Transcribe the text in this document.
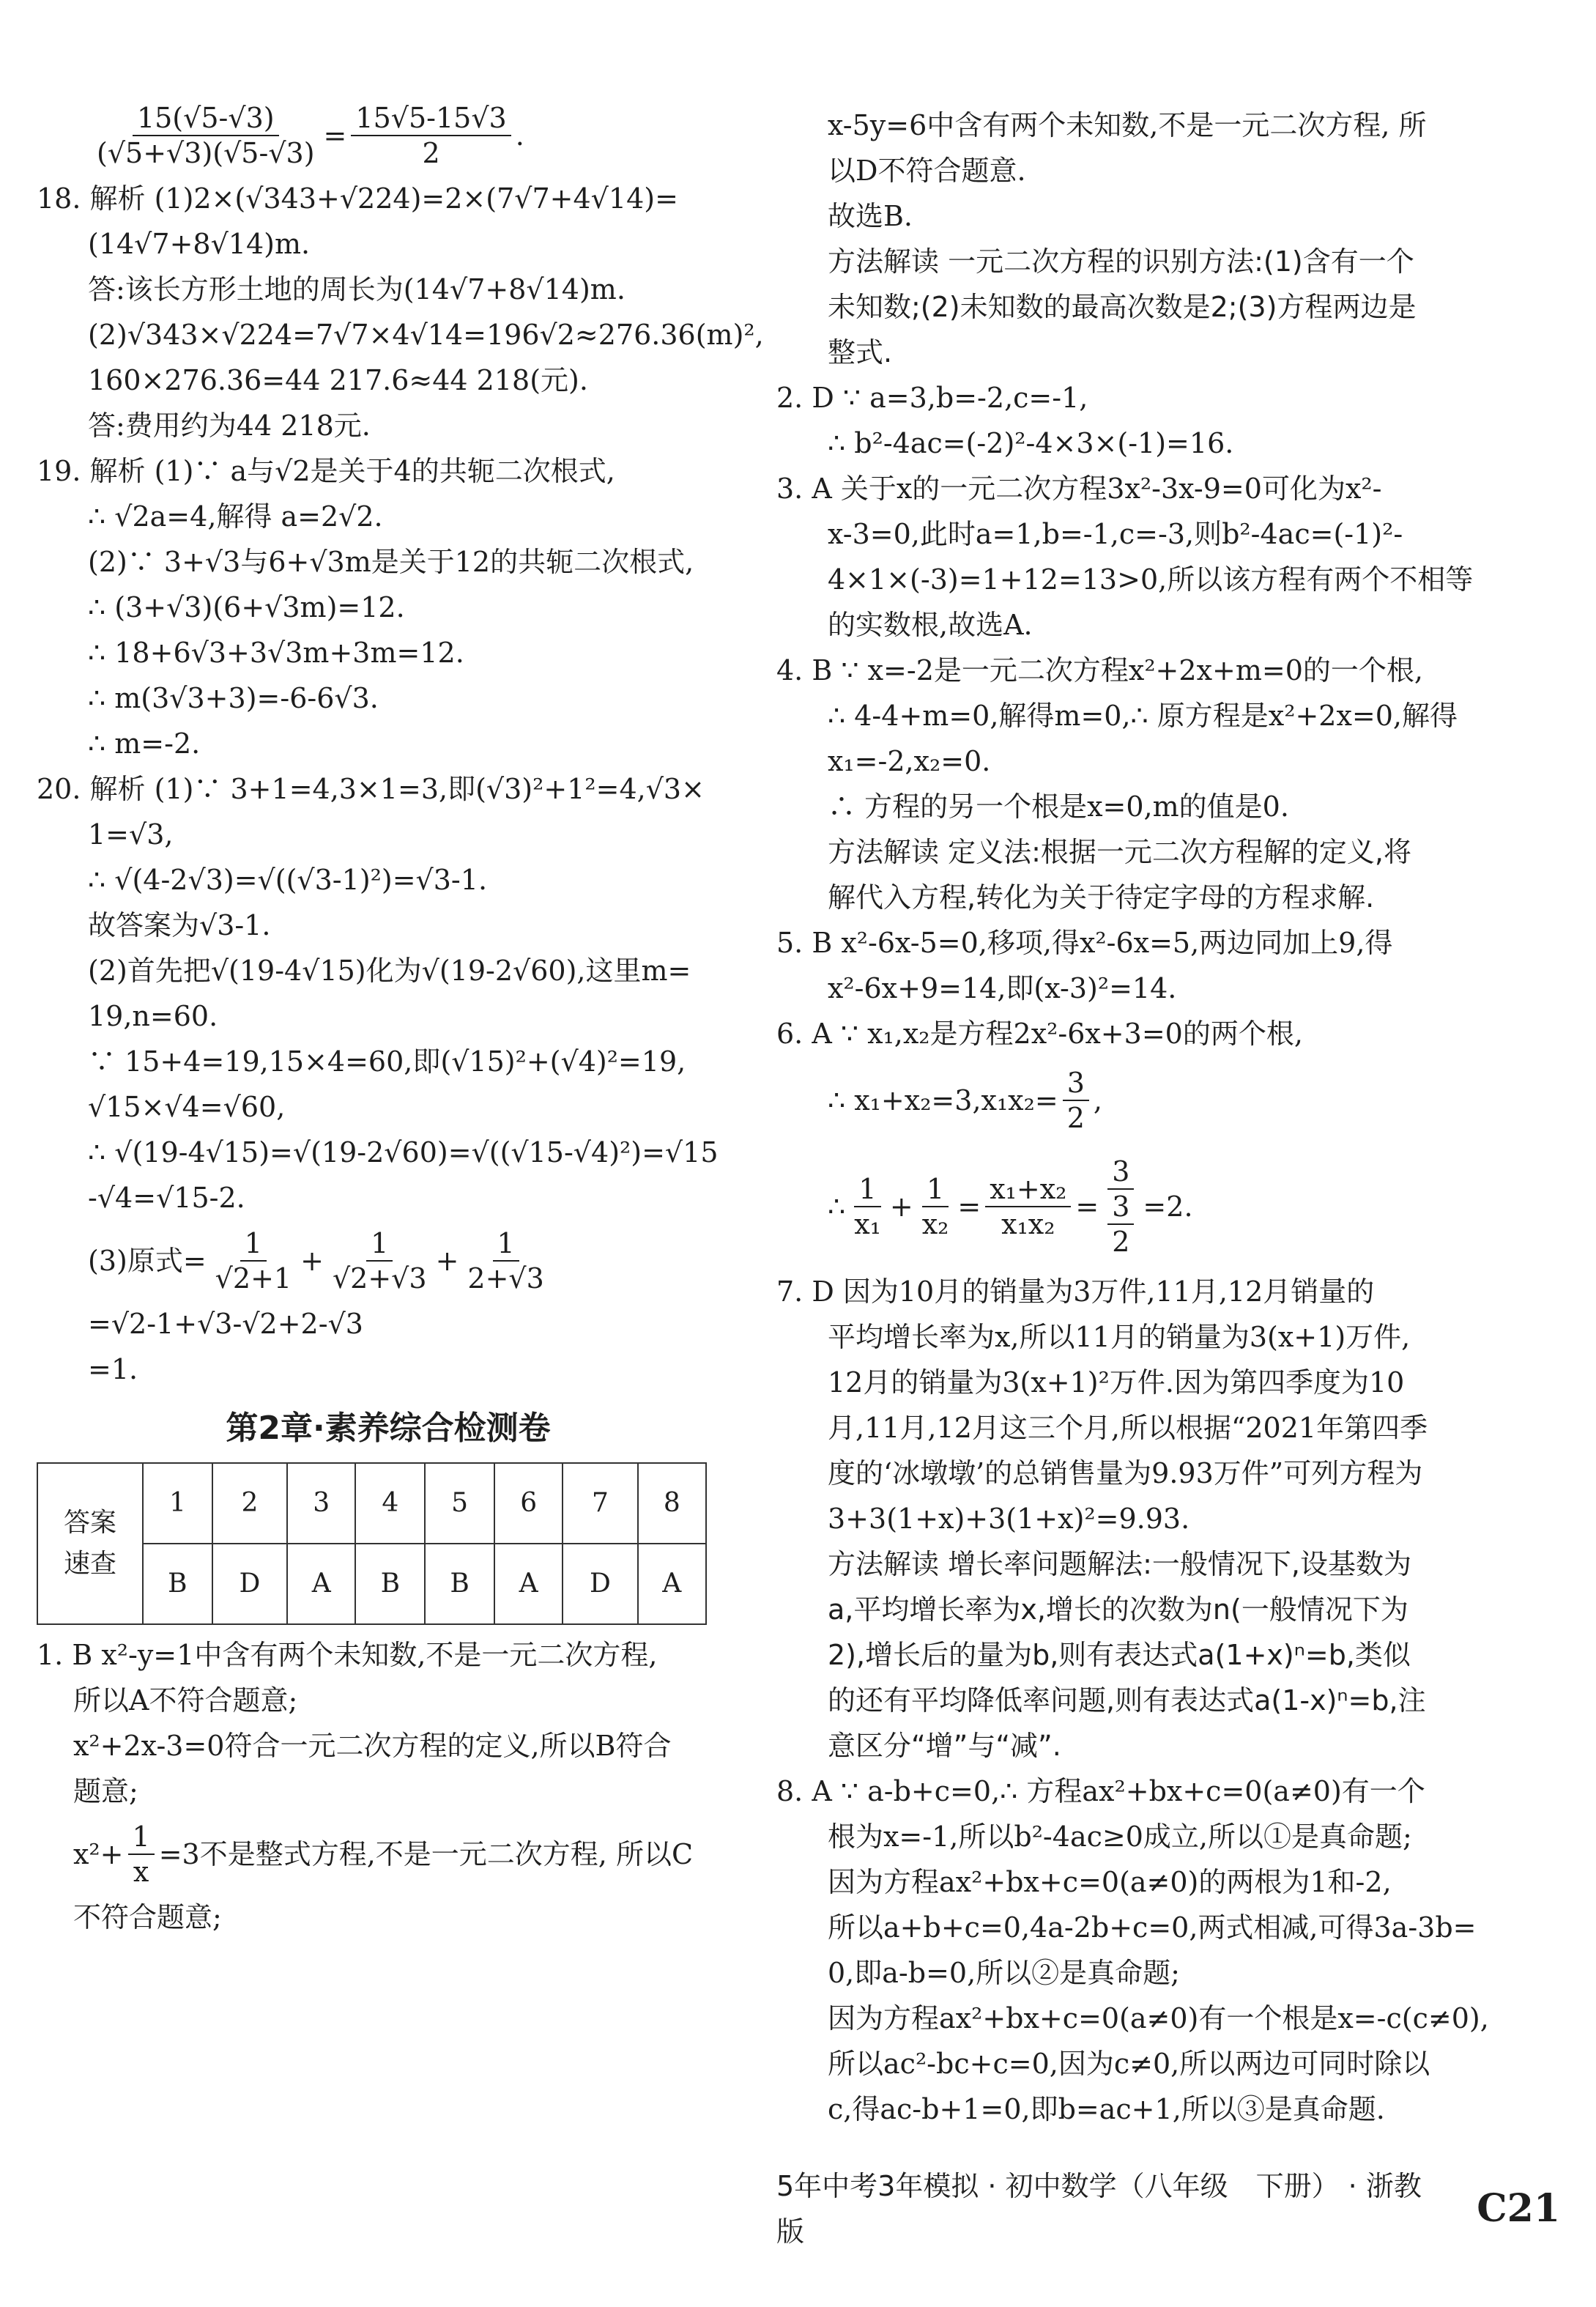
$\frac{15(√5-√3)}{(√5+√3)(√5-√3)} = \frac{15√5-15√3}{2}$ .
18. 解析 (1)2×(√343+√224)=2×(7√7+4√14)=
(14√7+8√14)m.
答:该长方形土地的周长为(14√7+8√14)m.
(2)√343×√224=7√7×4√14=196√2≈276.36(m)²,
160×276.36=44 217.6≈44 218(元).
答:费用约为44 218元.
19. 解析 (1)∵ a与√2是关于4的共轭二次根式,
∴ √2a=4,解得 a=2√2.
(2)∵ 3+√3与6+√3m是关于12的共轭二次根式,
∴ (3+√3)(6+√3m)=12.
∴ 18+6√3+3√3m+3m=12.
∴ m(3√3+3)=-6-6√3.
∴ m=-2.
20. 解析 (1)∵ 3+1=4,3×1=3,即(√3)²+1²=4,√3×
1=√3,
∴ √(4-2√3)=√((√3-1)²)=√3-1.
故答案为√3-1.
(2)首先把√(19-4√15)化为√(19-2√60),这里m=
19,n=60.
∵ 15+4=19,15×4=60,即(√15)²+(√4)²=19,
√15×√4=√60,
∴ √(19-4√15)=√(19-2√60)=√((√15-√4)²)=√15
-√4=√15-2.
(3)原式= $\frac{1}{√2+1} + \frac{1}{√2+√3} + \frac{1}{2+√3}$
=√2-1+√3-√2+2-√3
=1.
第2章·素养综合检测卷
答案
速查	1	2	3	4	5	6	7	8
	B	D	A	B	B	A	D	A
1. B x²-y=1中含有两个未知数,不是一元二次方程,
所以A不符合题意;
x²+2x-3=0符合一元二次方程的定义,所以B符合
题意;
$x^2+ \frac{1}{x} =3$不是整式方程,不是一元二次方程, 所以C
不符合题意;
x-5y=6中含有两个未知数,不是一元二次方程, 所
以D不符合题意.
故选B.
方法解读 一元二次方程的识别方法:(1)含有一个
未知数;(2)未知数的最高次数是2;(3)方程两边是
整式.
2. D ∵ a=3,b=-2,c=-1,
∴ b²-4ac=(-2)²-4×3×(-1)=16.
3. A 关于x的一元二次方程3x²-3x-9=0可化为x²-
x-3=0,此时a=1,b=-1,c=-3,则b²-4ac=(-1)²-
4×1×(-3)=1+12=13>0,所以该方程有两个不相等
的实数根,故选A.
4. B ∵ x=-2是一元二次方程x²+2x+m=0的一个根,
∴ 4-4+m=0,解得m=0,∴ 原方程是x²+2x=0,解得
x₁=-2,x₂=0.
∴ 方程的另一个根是x=0,m的值是0.
方法解读 定义法:根据一元二次方程解的定义,将
解代入方程,转化为关于待定字母的方程求解.
5. B x²-6x-5=0,移项,得x²-6x=5,两边同加上9,得
x²-6x+9=14,即(x-3)²=14.
6. A ∵ x₁,x₂是方程2x²-6x+3=0的两个根,
∴ $x_1+x_2=3,x_1x_2= \frac{3}{2}$ ,
∴ $\frac{1}{\text{x₁}} + \frac{1}{\text{x₂}} = \frac{\text{x₁+x₂}}{\text{x₁x₂}} = \frac{3}{\frac{3}{2}} =2$.
7. D 因为10月的销量为3万件,11月,12月销量的
平均增长率为x,所以11月的销量为3(x+1)万件,
12月的销量为3(x+1)²万件.因为第四季度为10
月,11月,12月这三个月,所以根据“2021年第四季
度的‘冰墩墩’的总销售量为9.93万件”可列方程为
3+3(1+x)+3(1+x)²=9.93.
方法解读 增长率问题解法:一般情况下,设基数为
a,平均增长率为x,增长的次数为n(一般情况下为
2),增长后的量为b,则有表达式a(1+x)ⁿ=b,类似
的还有平均降低率问题,则有表达式a(1-x)ⁿ=b,注
意区分“增”与“减”.
8. A ∵ a-b+c=0,∴ 方程ax²+bx+c=0(a≠0)有一个
根为x=-1,所以b²-4ac≥0成立,所以①是真命题;
因为方程ax²+bx+c=0(a≠0)的两根为1和-2,
所以a+b+c=0,4a-2b+c=0,两式相减,可得3a-3b=
0,即a-b=0,所以②是真命题;
因为方程ax²+bx+c=0(a≠0)有一个根是x=-c(c≠0),
所以ac²-bc+c=0,因为c≠0,所以两边可同时除以
c,得ac-b+1=0,即b=ac+1,所以③是真命题.
5年中考3年模拟 · 初中数学（八年级　下册） · 浙教版
C21
